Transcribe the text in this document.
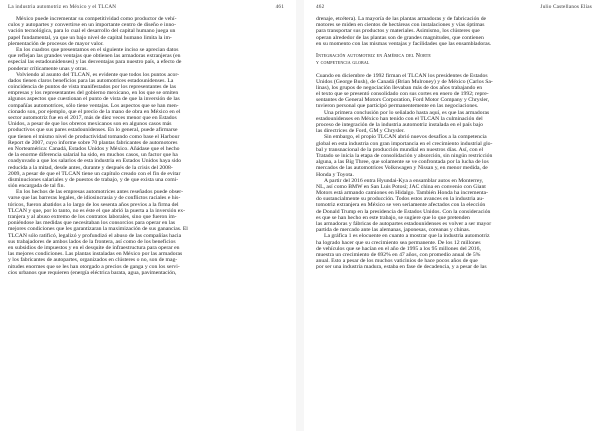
La industria automotriz en México y el TLCAN	461
México puede incrementar su competitividad como productor de vehí-
culos y autopartes y convertirse en un importante centro de diseño e inno-
vación tecnológica, para lo cual el desarrollo del capital humano juega un
papel fundamental, ya que un bajo nivel de capital humano limita la im-
plementación de procesos de mayor valor.
En los cuadros que presentamos en el siguiente inciso se aprecian datos
que reflejan las grandes ventajas que obtienen las armadoras extranjeras (en
especial las estadounidenses) y las desventajas para nuestro país, a efecto de
ponderar críticamente unas y otras.
Volviendo al asunto del TLCAN, es evidente que todos los puntos acor-
dados tienen claros beneficios para las automotrices estadounidenses. La
coincidencia de puntos de vista manifestados por los representantes de las
empresas y los representantes del gobierno mexicano, en los que se omiten
algunos aspectos que cuestionan el punto de vista de que la inversión de las
compañías automotrices, sólo tiene ventajas. Los aspectos que se han men-
cionado son, por ejemplo, que el precio de la mano de obra en México en el
sector automotriz fue en el 2017, más de diez veces menor que en Estados
Unidos, a pesar de que los obreros mexicanos son en algunos casos más
productivos que sus pares estadounidenses. En lo general, puede afirmarse
que tienen el mismo nivel de productividad tomando como base el Harbour
Report de 2007, cuyo informe sobre 70 plantas fabricantes de automotores
en Norteamérica: Canadá, Estados Unidos y México. Añádase que el hecho
de la enorme diferencia salarial ha sido, en muchos casos, un factor que ha
coadyuvado a que los salarios de esta industria en Estados Unidos haya sido
reducida a la mitad, desde antes, durante y después de la crisis del 2008-
2009, a pesar de que el TLCAN tiene un capítulo creado con el fin de evitar
disminuciones salariales y de puestos de trabajo, y de que exista una comi-
sión encargada de tal fin.
En los hechos de las empresas automotrices antes reseñados puede obser-
varse que las barreras legales, de idiosincrasia y de conflictos raciales e his-
tóricos, fueron abatidos a lo largo de los sesenta años previos a la firma del
TLCAN y que, por lo tanto, no es éste el que abrió la puerta a la inversión ex-
tranjera y al abuso extremo de los contratos laborales, sino que fueron im-
poniéndose las medidas que necesitaban los consorcios para operar en las
mejores condiciones que les garantizaran la maximización de sus ganancias. El
TLCAN sólo ratificó, legalizó y profundizó el abuso de las compañías hacia
sus trabajadores de ambos lados de la frontera, así como de los beneficios
en subsidios de impuestos y en el desquite de infraestructura para operar en
las mejores condiciones. Las plantas instaladas en México por las armadoras
y los fabricantes de autopartes, organizados en clústeres o no, son de mag-
nitudes enormes que se les han otorgado a precios de ganga y con los servi-
cios urbanos que requieren (energía eléctrica barata, agua, pavimentación,
462	Julio Castellanos Elías
drenaje, etcétera). La mayoría de las plantas armadoras y de fabricación de
motores se miden en cientos de hectáreas con instalaciones y vías óptimas
para transportar sus productos y materiales. Asimismo, los clústeres que
operan alrededor de las plantas son de grandes magnitudes, que contienen
en su momento con las mismas ventajas y facilidades que las ensambladoras.
Integración automotriz en América del Norte
y competencia global
Cuando en diciembre de 1992 firman el TLCAN los presidentes de Estados
Unidos (George Bush), de Canadá (Brian Mulroney) y de México (Carlos Sa-
linas), los grupos de negociación llevaban más de dos años trabajando en
el texto que se presentó consolidado con sus cortes en enero de 1992; repre-
sentantes de General Motors Corporation, Ford Motor Company y Chrysler,
tuvieron personal que participó permanentemente en las negociaciones.
Una primera conclusión por lo señalado hasta aquí, es que las armadoras
estadounidenses en México han tenido con el TLCAN la culminación del
proceso de integración de la industria automotriz instalada en el país bajo
las directrices de Ford, GM y Chrysler.
Sin embargo, el propio TLCAN abrió nuevos desafíos a la competencia
global en esta industria con gran importancia en el crecimiento industrial glo-
bal y transnacional de la producción mundial en nuestros días. Así, con el
Tratado se inicia la etapa de consolidación y absorción, sin ningún restricción
alguna, a las Big Three, que solamente se ve confrontada por la lucha de los
mercados de las automotrices Volkswagen y Nissan y, en menor medida, de
Honda y Toyota.
A partir del 2016 entra Hyundai-Kya a ensamblar autos en Monterrey,
NL, así como BMW en San Luis Potosí; JAC china en convenio con Giant
Motors está armando camiones en Hidalgo. También Honda ha incrementa-
do sustancialmente su producción. Todos estos avances en la industria au-
tomotriz extranjera en México se ven seriamente afectados con la elección
de Donald Trump en la presidencia de Estados Unidos. Con la consideración
es que se han hecho en este trabajo, se sugiere que lo que pretenden
las armadoras y fábricas de autopartes estadounidenses es volver a ser mayor
partida de mercado ante las alemanas, japonesas, coreanas y chinas.
La gráfica 1 es elocuente en cuanto a mostrar que la industria automotriz
ha logrado hacer que su crecimiento sea permanente. De los 12 millones
de vehículos que se hacían en el año de 1995 a los 95 millones del 2016,
muestra un crecimiento de 692% en 47 años, con promedio anual de 5%
anual. Esto a pesar de los muchos vaticinios de hace pocos años de que
por ser una industria madura, estaba en fase de decadencia, y a pesar de las
